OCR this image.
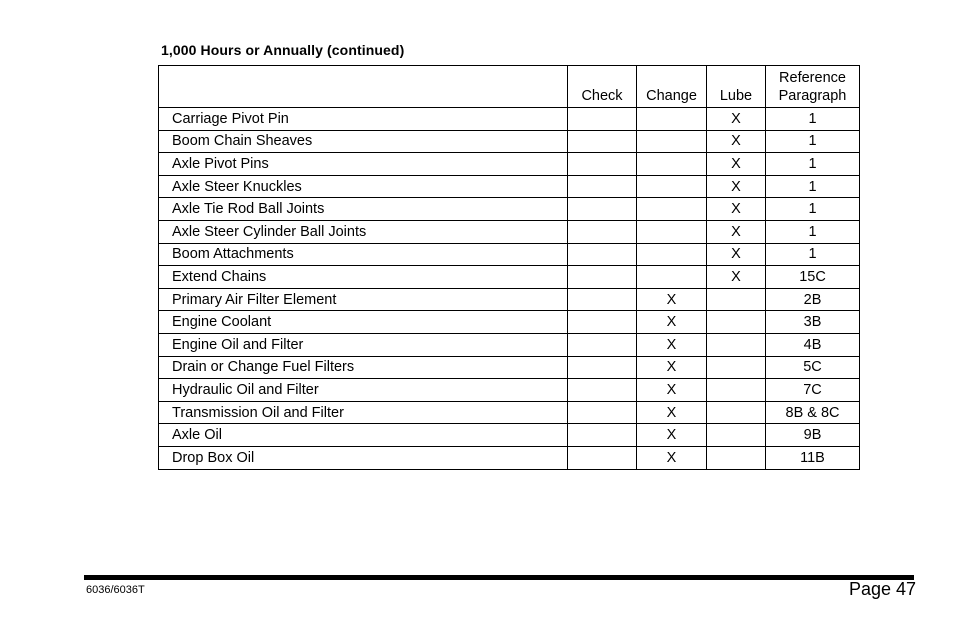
1,000 Hours or Annually (continued)
	Check	Change	Lube	Reference
Paragraph
Carriage Pivot Pin			X	1
Boom Chain Sheaves			X	1
Axle Pivot Pins			X	1
Axle Steer Knuckles			X	1
Axle Tie Rod Ball Joints			X	1
Axle Steer Cylinder Ball Joints			X	1
Boom Attachments			X	1
Extend Chains			X	15C
Primary Air Filter Element		X		2B
Engine Coolant		X		3B
Engine Oil and Filter		X		4B
Drain or Change Fuel Filters		X		5C
Hydraulic Oil and Filter		X		7C
Transmission Oil and Filter		X		8B & 8C
Axle Oil		X		9B
Drop Box Oil		X		11B
6036/6036T	Page 47
